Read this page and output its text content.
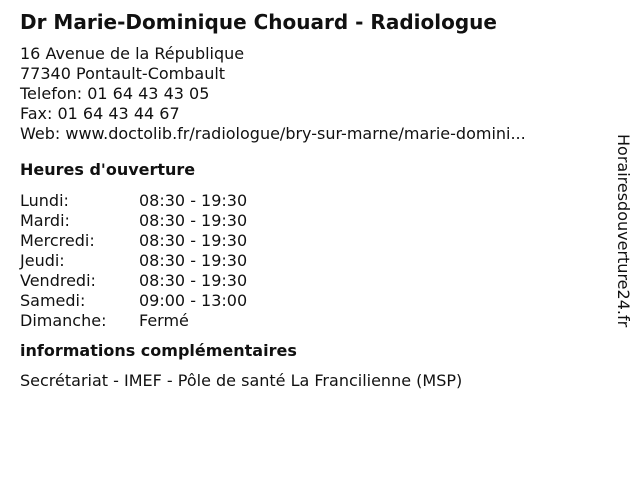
Dr Marie-Dominique Chouard - Radiologue
16 Avenue de la République
77340 Pontault-Combault
Telefon: 01 64 43 43 05
Fax: 01 64 43 44 67
Web: www.doctolib.fr/radiologue/bry-sur-marne/marie-domini...
Heures d'ouverture
Lundi:	08:30 - 19:30
Mardi:	08:30 - 19:30
Mercredi:	08:30 - 19:30
Jeudi:	08:30 - 19:30
Vendredi:	08:30 - 19:30
Samedi:	09:00 - 13:00
Dimanche:	Fermé
informations complémentaires
Secrétariat - IMEF - Pôle de santé La Francilienne (MSP)
Horairesdouverture24.fr
